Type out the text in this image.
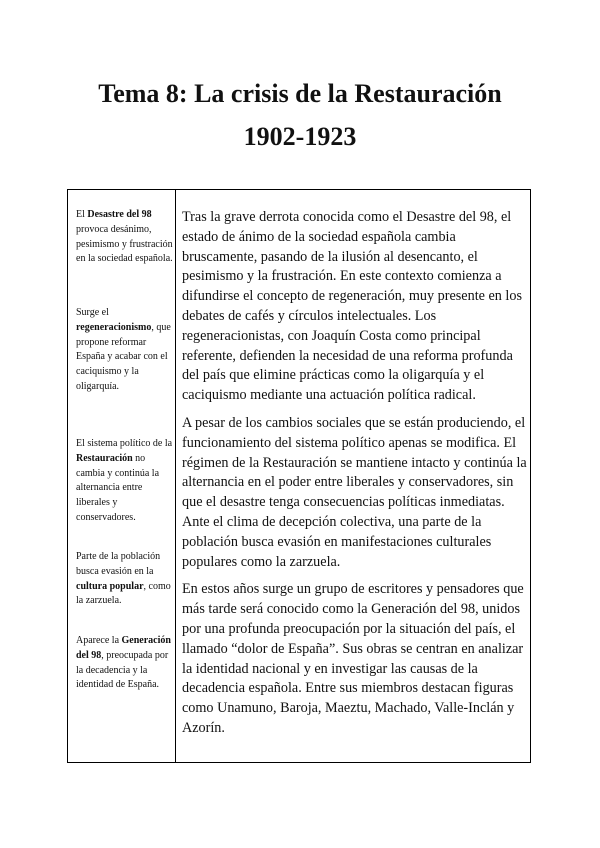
Tema 8: La crisis de la Restauración
1902-1923

El Desastre del 98 provoca desánimo, pesimismo y frustración en la sociedad española.

Surge el regeneracionismo, que propone reformar España y acabar con el caciquismo y la oligarquía.

El sistema político de la Restauración no cambia y continúa la alternancia entre liberales y conservadores.

Parte de la población busca evasión en la cultura popular, como la zarzuela.

Aparece la Generación del 98, preocupada por la decadencia y la identidad de España.

Tras la grave derrota conocida como el Desastre del 98, el estado de ánimo de la sociedad española cambia bruscamente, pasando de la ilusión al desencanto, el pesimismo y la frustración. En este contexto comienza a difundirse el concepto de regeneración, muy presente en los debates de cafés y círculos intelectuales. Los regeneracionistas, con Joaquín Costa como principal referente, defienden la necesidad de una reforma profunda del país que elimine prácticas como la oligarquía y el caciquismo mediante una actuación política radical.

A pesar de los cambios sociales que se están produciendo, el funcionamiento del sistema político apenas se modifica. El régimen de la Restauración se mantiene intacto y continúa la alternancia en el poder entre liberales y conservadores, sin que el desastre tenga consecuencias políticas inmediatas. Ante el clima de decepción colectiva, una parte de la población busca evasión en manifestaciones culturales populares como la zarzuela.

En estos años surge un grupo de escritores y pensadores que más tarde será conocido como la Generación del 98, unidos por una profunda preocupación por la situación del país, el llamado “dolor de España”. Sus obras se centran en analizar la identidad nacional y en investigar las causas de la decadencia española. Entre sus miembros destacan figuras como Unamuno, Baroja, Maeztu, Machado, Valle-Inclán y Azorín.
